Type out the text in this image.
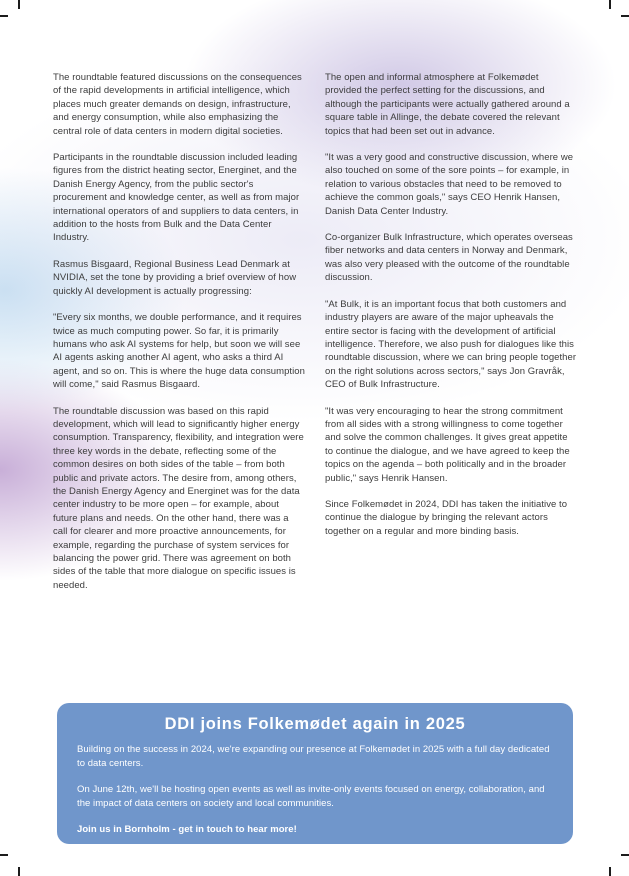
The roundtable featured discussions on the consequences of the rapid developments in artificial intelligence, which places much greater demands on design, infrastructure, and energy consumption, while also emphasizing the central role of data centers in modern digital societies.

Participants in the roundtable discussion included leading figures from the district heating sector, Energinet, and the Danish Energy Agency, from the public sector's procurement and knowledge center, as well as from major international operators of and suppliers to data centers, in addition to the hosts from Bulk and the Data Center Industry.

Rasmus Bisgaard, Regional Business Lead Denmark at NVIDIA, set the tone by providing a brief overview of how quickly AI development is actually progressing:

"Every six months, we double performance, and it requires twice as much computing power. So far, it is primarily humans who ask AI systems for help, but soon we will see AI agents asking another AI agent, who asks a third AI agent, and so on. This is where the huge data consumption will come," said Rasmus Bisgaard.

The roundtable discussion was based on this rapid development, which will lead to significantly higher energy consumption. Transparency, flexibility, and integration were three key words in the debate, reflecting some of the common desires on both sides of the table – from both public and private actors. The desire from, among others, the Danish Energy Agency and Energinet was for the data center industry to be more open – for example, about future plans and needs. On the other hand, there was a call for clearer and more proactive announcements, for example, regarding the purchase of system services for balancing the power grid. There was agreement on both sides of the table that more dialogue on specific issues is needed.

The open and informal atmosphere at Folkemødet provided the perfect setting for the discussions, and although the participants were actually gathered around a square table in Allinge, the debate covered the relevant topics that had been set out in advance.

"It was a very good and constructive discussion, where we also touched on some of the sore points – for example, in relation to various obstacles that need to be removed to achieve the common goals," says CEO Henrik Hansen, Danish Data Center Industry.

Co-organizer Bulk Infrastructure, which operates overseas fiber networks and data centers in Norway and Denmark, was also very pleased with the outcome of the roundtable discussion.

"At Bulk, it is an important focus that both customers and industry players are aware of the major upheavals the entire sector is facing with the development of artificial intelligence. Therefore, we also push for dialogues like this roundtable discussion, where we can bring people together on the right solutions across sectors," says Jon Gravråk, CEO of Bulk Infrastructure.

"It was very encouraging to hear the strong commitment from all sides with a strong willingness to come together and solve the common challenges. It gives great appetite to continue the dialogue, and we have agreed to keep the topics on the agenda – both politically and in the broader public," says Henrik Hansen.

Since Folkemødet in 2024, DDI has taken the initiative to continue the dialogue by bringing the relevant actors together on a regular and more binding basis.

DDI joins Folkemødet again in 2025

Building on the success in 2024, we're expanding our presence at Folkemødet in 2025 with a full day dedicated to data centers.

On June 12th, we'll be hosting open events as well as invite-only events focused on energy, collaboration, and the impact of data centers on society and local communities.

Join us in Bornholm - get in touch to hear more!
